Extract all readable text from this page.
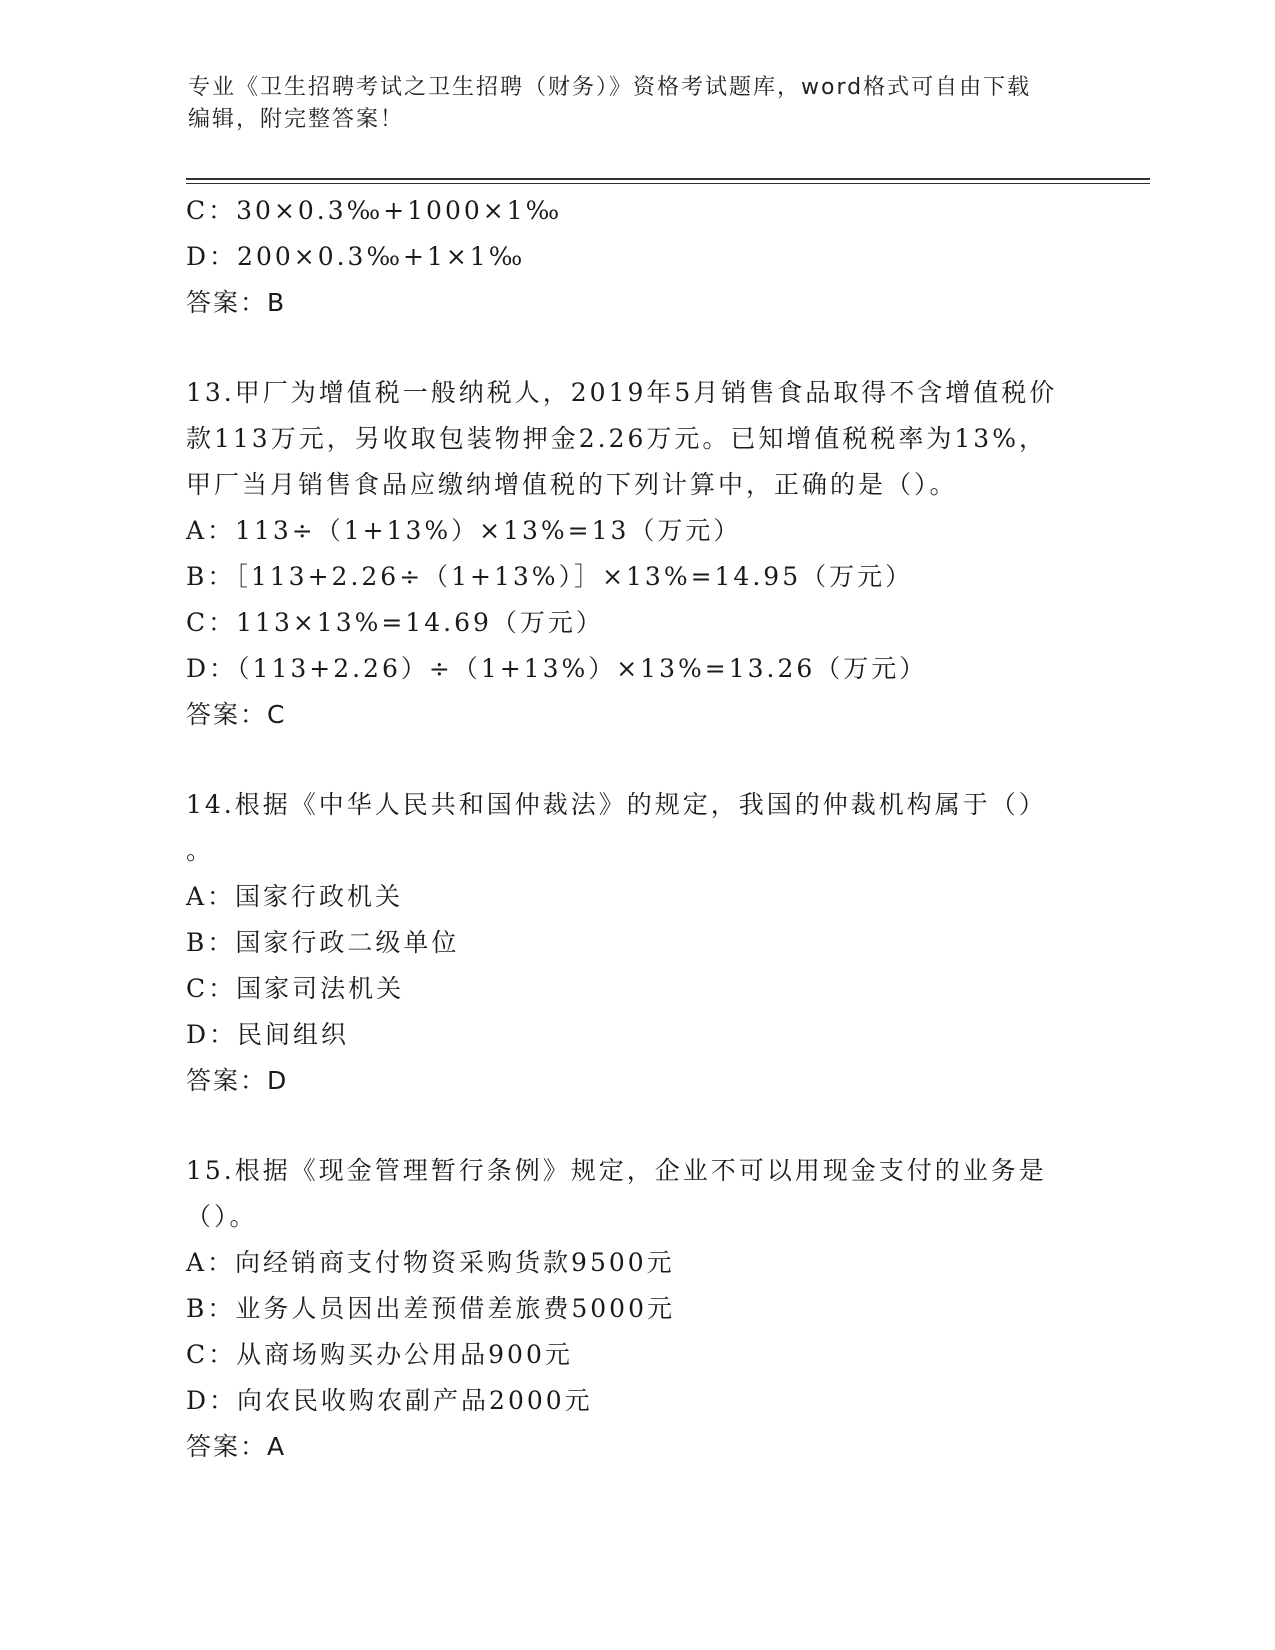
专业《卫生招聘考试之卫生招聘（财务）》资格考试题库，word格式可自由下载
编辑，附完整答案！
C：30×0.3‰+1000×1‰
D：200×0.3‰+1×1‰
答案：B
13.甲厂为增值税一般纳税人，2019年5月销售食品取得不含增值税价
款113万元，另收取包装物押金2.26万元。已知增值税税率为13%，
甲厂当月销售食品应缴纳增值税的下列计算中，正确的是（）。
A：113÷（1+13%）×13%=13（万元）
B：［113+2.26÷（1+13%）］×13%=14.95（万元）
C：113×13%=14.69（万元）
D：（113+2.26）÷（1+13%）×13%=13.26（万元）
答案：C
14.根据《中华人民共和国仲裁法》的规定，我国的仲裁机构属于（）
。
A：国家行政机关
B：国家行政二级单位
C：国家司法机关
D：民间组织
答案：D
15.根据《现金管理暂行条例》规定，企业不可以用现金支付的业务是
（）。
A：向经销商支付物资采购货款9500元
B：业务人员因出差预借差旅费5000元
C：从商场购买办公用品900元
D：向农民收购农副产品2000元
答案：A
